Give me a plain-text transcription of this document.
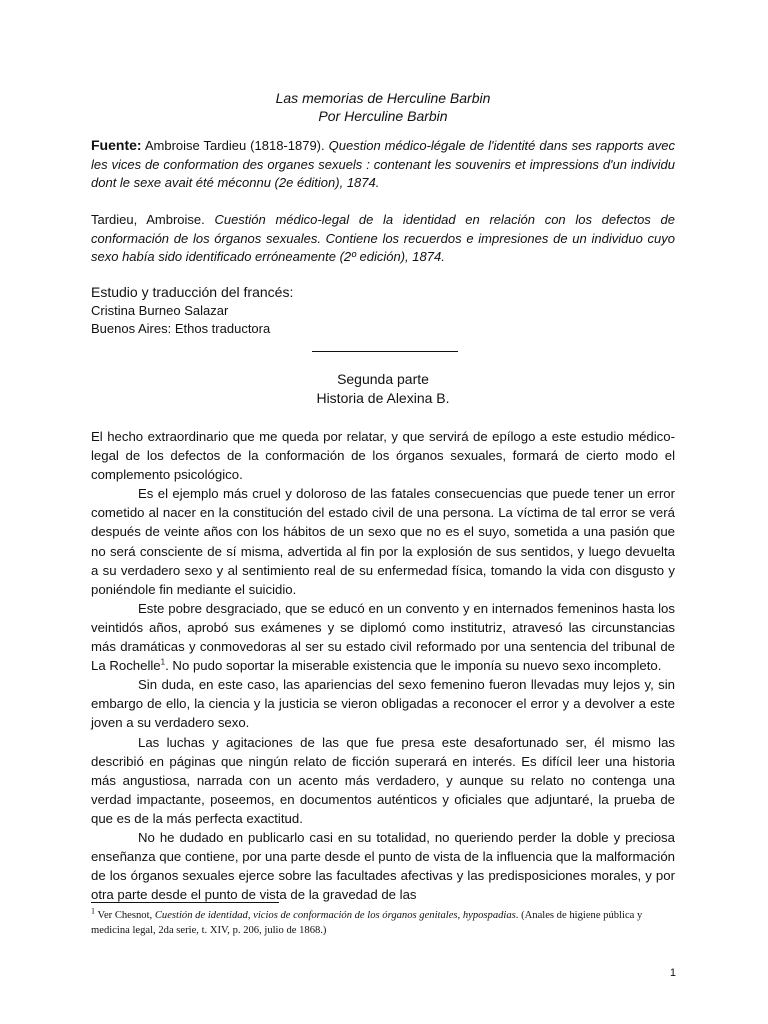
Las memorias de Herculine Barbin
Por Herculine Barbin
Fuente: Ambroise Tardieu (1818-1879). Question médico-légale de l'identité dans ses rapports avec les vices de conformation des organes sexuels : contenant les souvenirs et impressions d'un individu dont le sexe avait été méconnu (2e édition), 1874.
Tardieu, Ambroise. Cuestión médico-legal de la identidad en relación con los defectos de conformación de los órganos sexuales. Contiene los recuerdos e impresiones de un individuo cuyo sexo había sido identificado erróneamente (2º edición), 1874.
Estudio y traducción del francés:
Cristina Burneo Salazar
Buenos Aires: Ethos traductora
Segunda parte
Historia de Alexina B.

El hecho extraordinario que me queda por relatar, y que servirá de epílogo a este estudio médico-legal de los defectos de la conformación de los órganos sexuales, formará de cierto modo el complemento psicológico.

Es el ejemplo más cruel y doloroso de las fatales consecuencias que puede tener un error cometido al nacer en la constitución del estado civil de una persona. La víctima de tal error se verá después de veinte años con los hábitos de un sexo que no es el suyo, sometida a una pasión que no será consciente de sí misma, advertida al fin por la explosión de sus sentidos, y luego devuelta a su verdadero sexo y al sentimiento real de su enfermedad física, tomando la vida con disgusto y poniéndole fin mediante el suicidio.

Este pobre desgraciado, que se educó en un convento y en internados femeninos hasta los veintidós años, aprobó sus exámenes y se diplomó como institutriz, atravesó las circunstancias más dramáticas y conmovedoras al ser su estado civil reformado por una sentencia del tribunal de La Rochelle$^1$. No pudo soportar la miserable existencia que le imponía su nuevo sexo incompleto.

Sin duda, en este caso, las apariencias del sexo femenino fueron llevadas muy lejos y, sin embargo de ello, la ciencia y la justicia se vieron obligadas a reconocer el error y a devolver a este joven a su verdadero sexo.

Las luchas y agitaciones de las que fue presa este desafortunado ser, él mismo las describió en páginas que ningún relato de ficción superará en interés. Es difícil leer una historia más angustiosa, narrada con un acento más verdadero, y aunque su relato no contenga una verdad impactante, poseemos, en documentos auténticos y oficiales que adjuntaré, la prueba de que es de la más perfecta exactitud.

No he dudado en publicarlo casi en su totalidad, no queriendo perder la doble y preciosa enseñanza que contiene, por una parte desde el punto de vista de la influencia que la malformación de los órganos sexuales ejerce sobre las facultades afectivas y las predisposiciones morales, y por otra parte desde el punto de vista de la gravedad de las

$^1$ Ver Chesnot, Cuestión de identidad, vicios de conformación de los órganos genitales, hypospadias. (Anales de higiene pública y medicina legal, 2da serie, t. XIV, p. 206, julio de 1868.)
1
